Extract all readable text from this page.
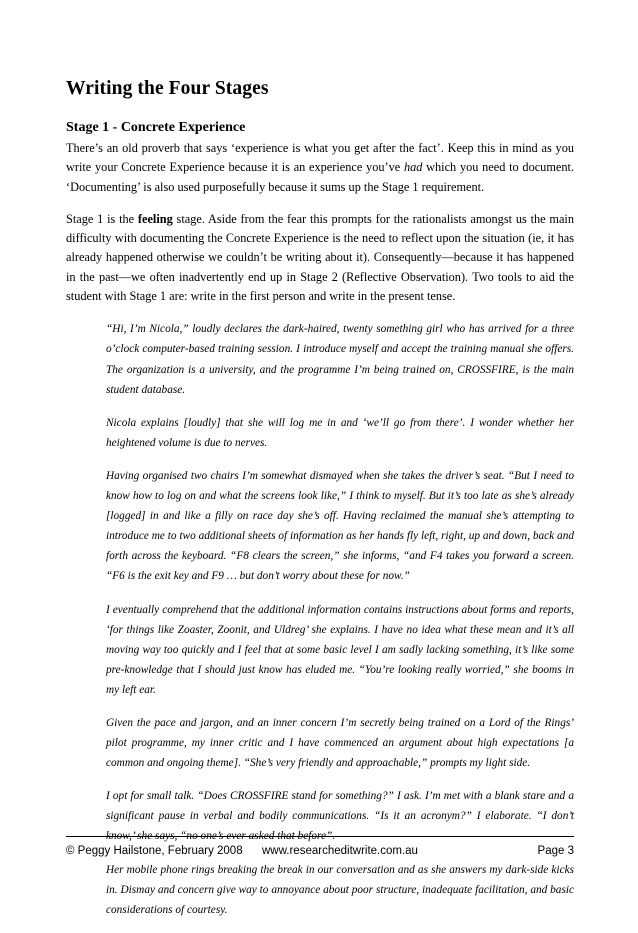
Writing the Four Stages
Stage 1 - Concrete Experience

There’s an old proverb that says ‘experience is what you get after the fact’. Keep this in mind as you write your Concrete Experience because it is an experience you’ve had which you need to document. ‘Documenting’ is also used purposefully because it sums up the Stage 1 requirement.

Stage 1 is the feeling stage. Aside from the fear this prompts for the rationalists amongst us the main difficulty with documenting the Concrete Experience is the need to reflect upon the situation (ie, it has already happened otherwise we couldn’t be writing about it). Consequently—because it has happened in the past—we often inadvertently end up in Stage 2 (Reflective Observation). Two tools to aid the student with Stage 1 are: write in the first person and write in the present tense.

“Hi, I’m Nicola,” loudly declares the dark-haired, twenty something girl who has arrived for a three o’clock computer-based training session. I introduce myself and accept the training manual she offers. The organization is a university, and the programme I’m being trained on, CROSSFIRE, is the main student database.

Nicola explains [loudly] that she will log me in and ‘we’ll go from there’. I wonder whether her heightened volume is due to nerves.

Having organised two chairs I’m somewhat dismayed when she takes the driver’s seat. “But I need to know how to log on and what the screens look like,” I think to myself. But it’s too late as she’s already [logged] in and like a filly on race day she’s off. Having reclaimed the manual she’s attempting to introduce me to two additional sheets of information as her hands fly left, right, up and down, back and forth across the keyboard. “F8 clears the screen,” she informs, “and F4 takes you forward a screen. “F6 is the exit key and F9 … but don’t worry about these for now.”

I eventually comprehend that the additional information contains instructions about forms and reports, ‘for things like Zoaster, Zoonit, and Uldreg’ she explains. I have no idea what these mean and it’s all moving way too quickly and I feel that at some basic level I am sadly lacking something, it’s like some pre-knowledge that I should just know has eluded me. “You’re looking really worried,” she booms in my left ear.

Given the pace and jargon, and an inner concern I’m secretly being trained on a Lord of the Rings’ pilot programme, my inner critic and I have commenced an argument about high expectations [a common and ongoing theme]. “She’s very friendly and approachable,” prompts my light side.

I opt for small talk. “Does CROSSFIRE stand for something?” I ask. I’m met with a blank stare and a significant pause in verbal and bodily communications. “Is it an acronym?” I elaborate. “I don’t know,’ she says, “no one’s ever asked that before”.

Her mobile phone rings breaking the break in our conversation and as she answers my dark-side kicks in. Dismay and concern give way to annoyance about poor structure, inadequate facilitation, and basic considerations of courtesy.

© Peggy Hailstone, February 2008 www.researcheditwrite.com.au	Page 3
